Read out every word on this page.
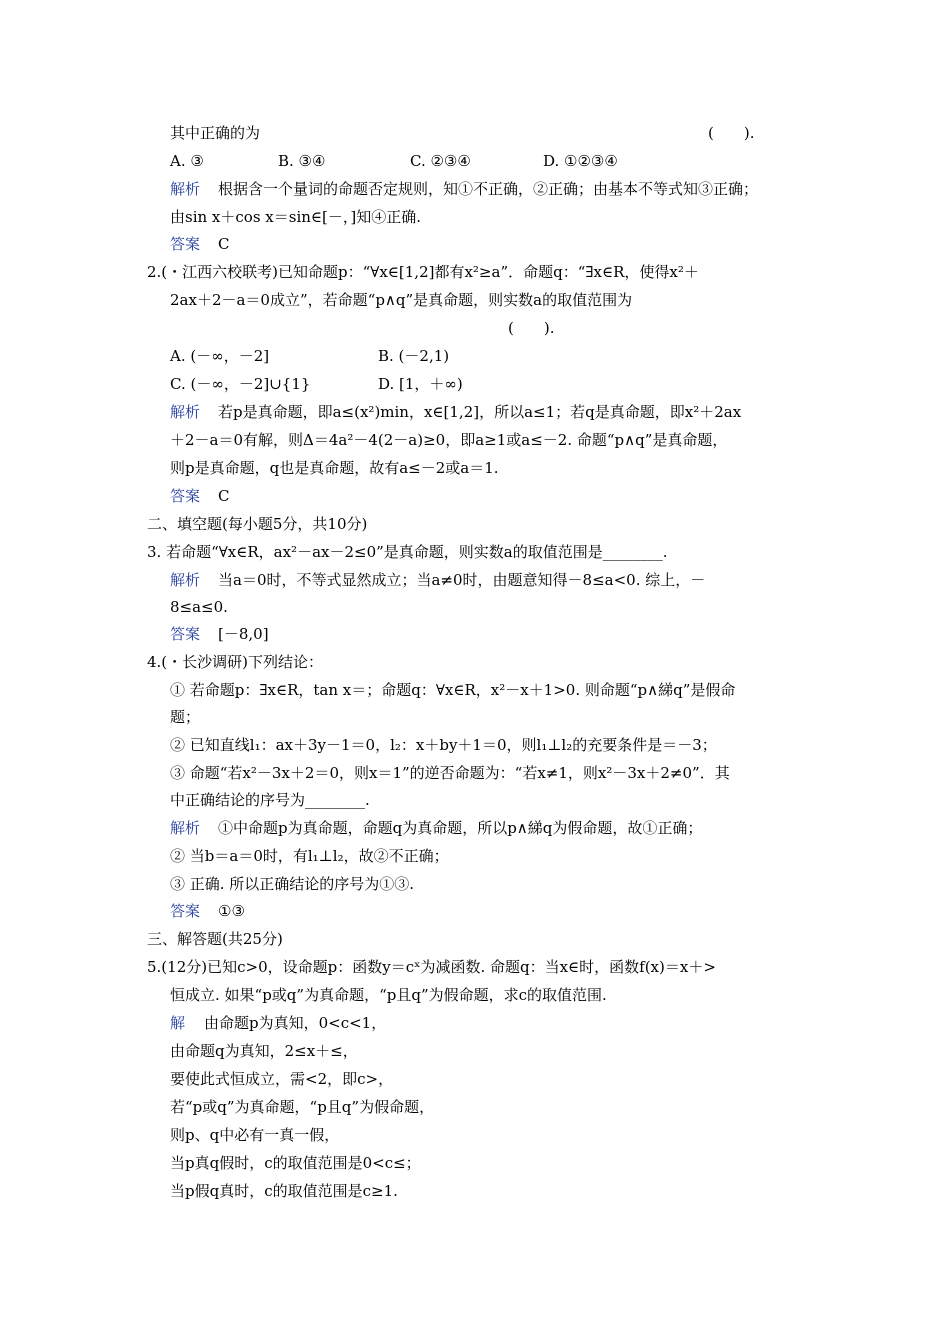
其中正确的为	(　　).
A. ③	B. ③④	C. ②③④	D. ①②③④
解析 根据含一个量词的命题否定规则，知①不正确，②正确；由基本不等式知③正确；
由sin x＋cos x＝sin∈[－，]知④正确.
答案 C
2.(・江西六校联考)已知命题p：“∀x∈[1,2]都有x²≥a”．命题q：“∃x∈R，使得x²＋
2ax＋2－a＝0成立”，若命题“p∧q”是真命题，则实数a的取值范围为
(　　).
A. (－∞，－2]	B. (－2,1)
C. (－∞，－2]∪{1}	D. [1，＋∞)
解析 若p是真命题，即a≤(x²)min，x∈[1,2]，所以a≤1；若q是真命题，即x²＋2ax
＋2－a＝0有解，则Δ＝4a²－4(2－a)≥0，即a≥1或a≤－2. 命题“p∧q”是真命题，
则p是真命题，q也是真命题，故有a≤－2或a＝1.
答案 C
二、填空题(每小题5分，共10分)
3. 若命题“∀x∈R，ax²－ax－2≤0”是真命题，则实数a的取值范围是________.
解析 当a＝0时，不等式显然成立；当a≠0时，由题意知得－8≤a<0. 综上，－
8≤a≤0.
答案 [－8,0]
4.(・长沙调研)下列结论：
① 若命题p：∃x∈R，tan x＝；命题q：∀x∈R，x²－x＋1>0. 则命题“p∧綈q”是假命
题；
② 已知直线l₁：ax＋3y－1＝0，l₂：x＋by＋1＝0，则l₁⊥l₂的充要条件是＝－3；
③ 命题“若x²－3x＋2＝0，则x＝1”的逆否命题为：“若x≠1，则x²－3x＋2≠0”．其
中正确结论的序号为________.
解析 ①中命题p为真命题，命题q为真命题，所以p∧綈q为假命题，故①正确；
② 当b＝a＝0时，有l₁⊥l₂，故②不正确；
③ 正确. 所以正确结论的序号为①③.
答案 ①③
三、解答题(共25分)
5.(12分)已知c>0，设命题p：函数y＝cˣ为减函数. 命题q：当x∈时，函数f(x)＝x＋>
恒成立. 如果“p或q”为真命题，“p且q”为假命题，求c的取值范围.
解 由命题p为真知，0<c<1，
由命题q为真知，2≤x＋≤，
要使此式恒成立，需<2，即c>，
若“p或q”为真命题，“p且q”为假命题，
则p、q中必有一真一假，
当p真q假时，c的取值范围是0<c≤；
当p假q真时，c的取值范围是c≥1.
